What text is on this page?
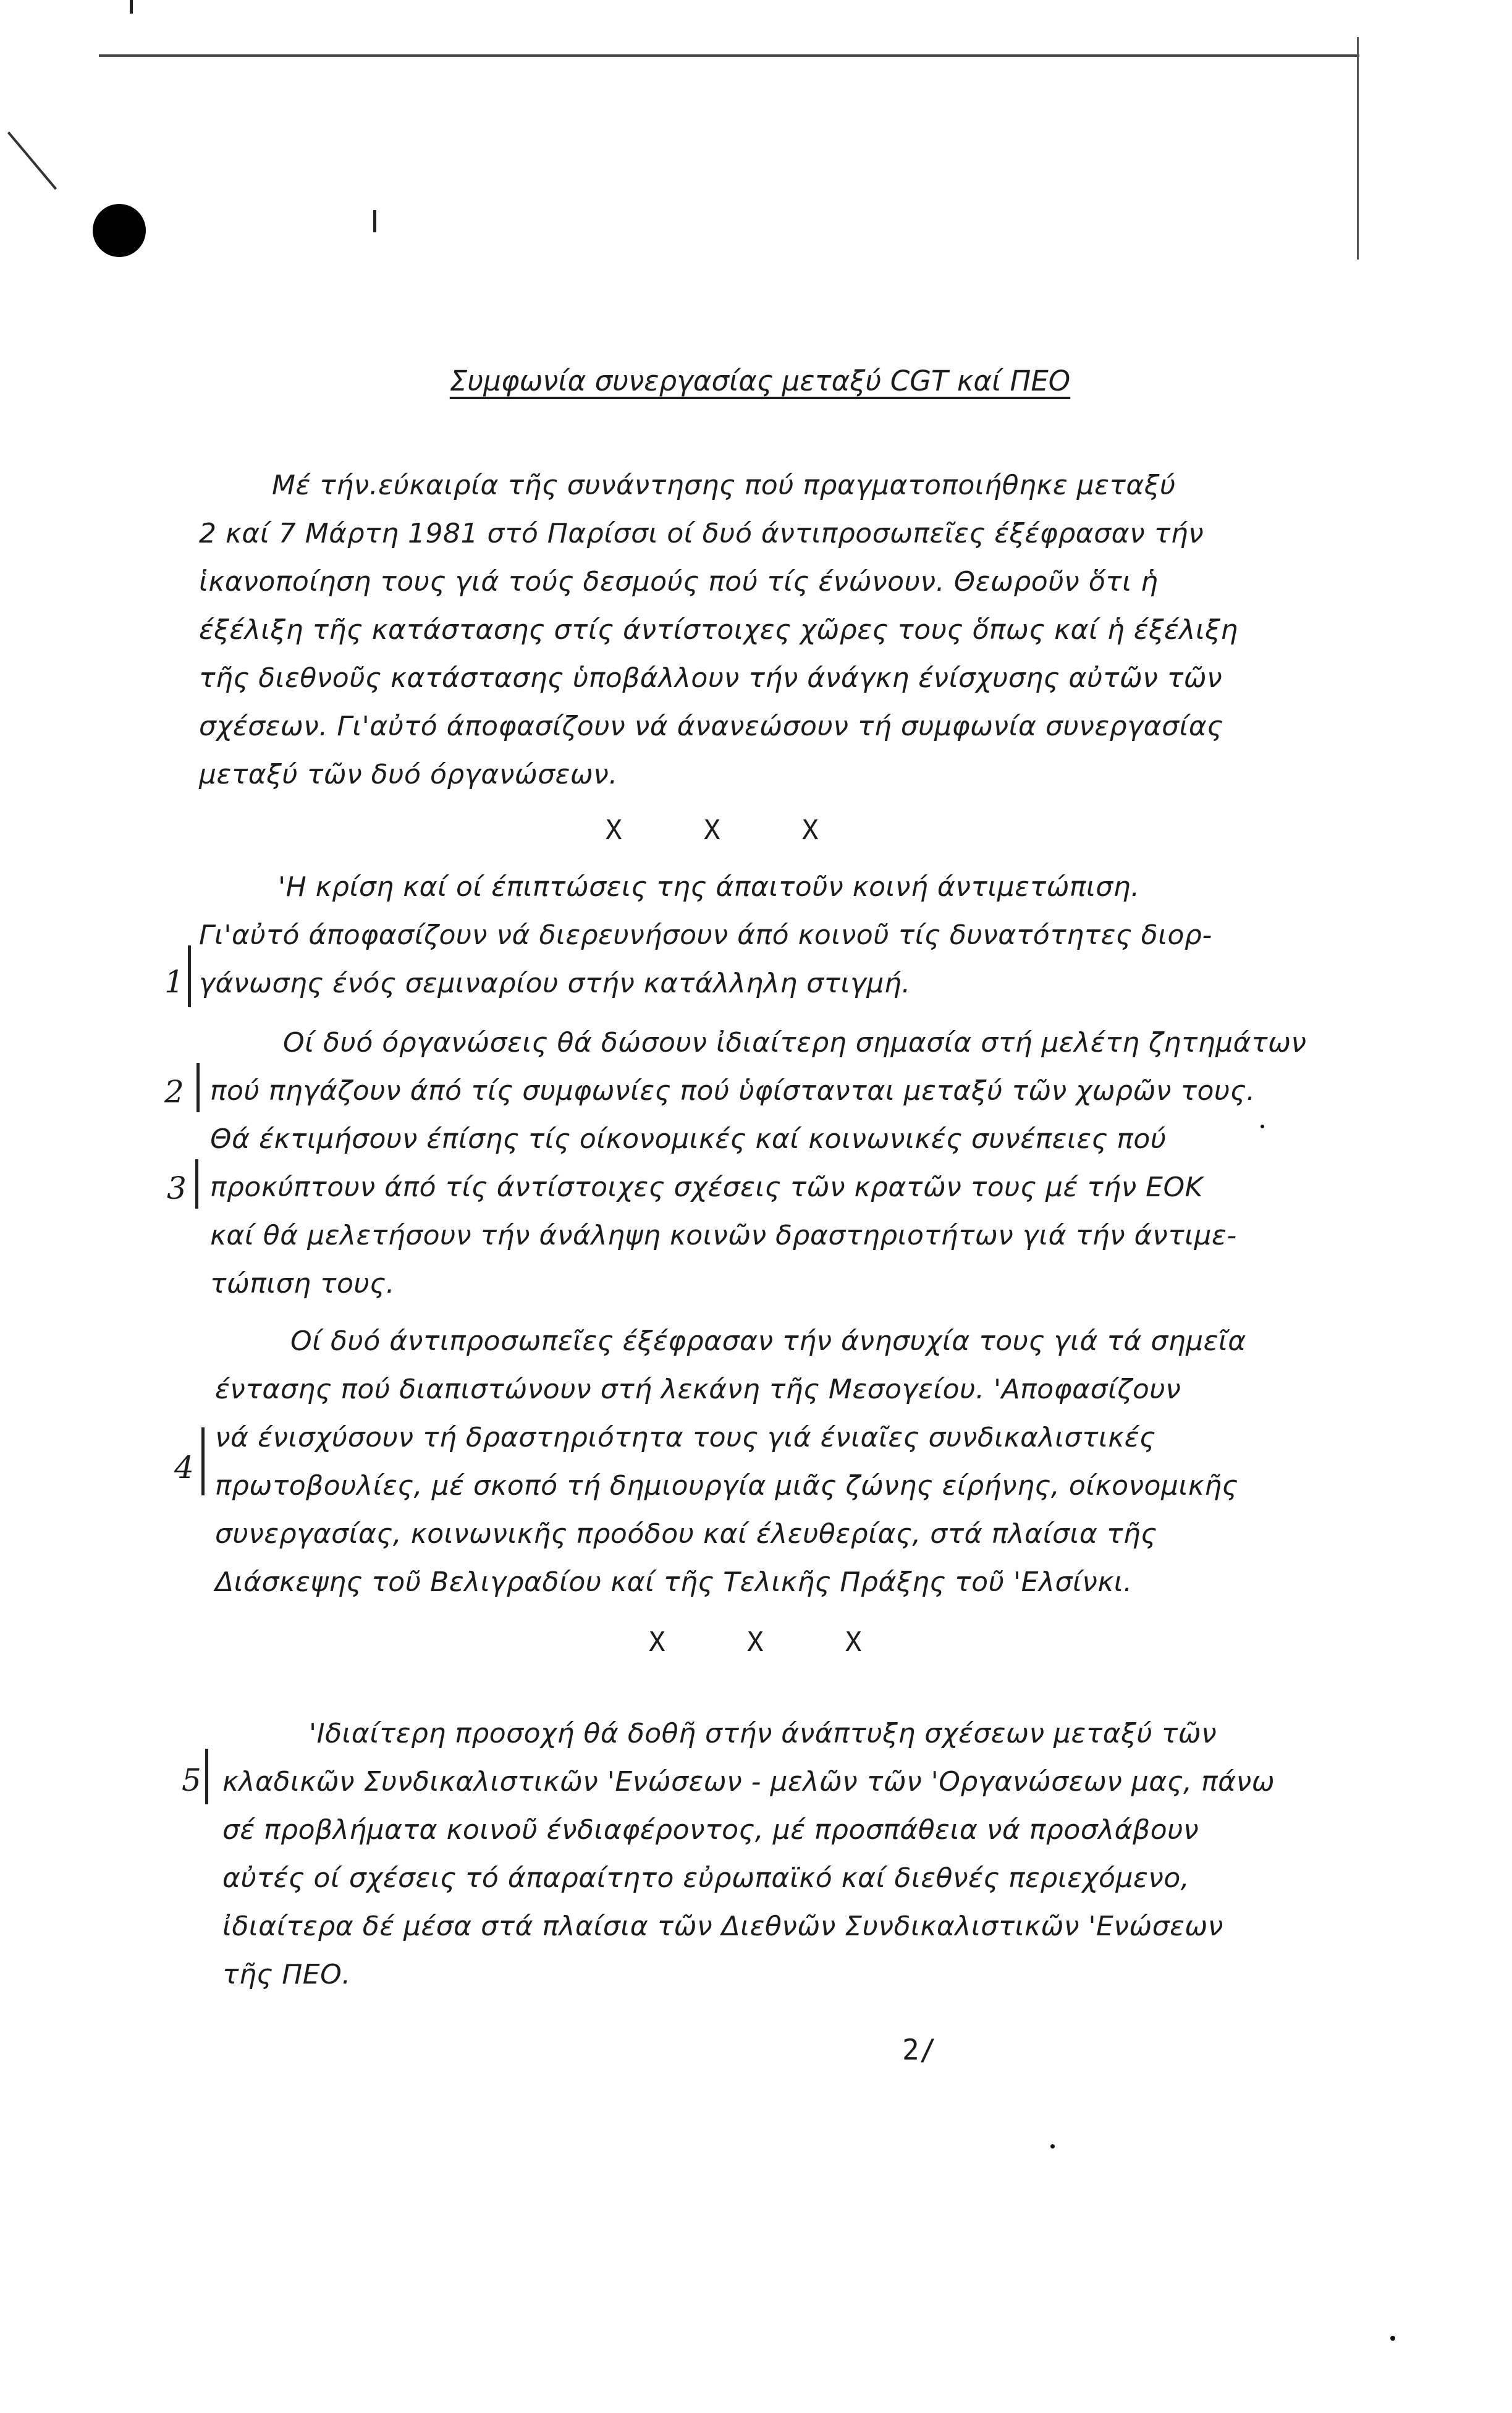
Συμφωνία συνεργασίας μεταξύ CGT καί ΠΕΟ
Μέ τήν.εύκαιρία τῆς συνάντησης πού πραγματοποιήθηκε μεταξύ
2 καί 7 Μάρτη 1981 στό Παρίσσι οί δυό άντιπροσωπεῖες έξέφρασαν τήν
ἱκανοποίηση τους γιά τούς δεσμούς πού τίς ένώνουν. Θεωροῦν ὅτι ἡ
έξέλιξη τῆς κατάστασης στίς άντίστοιχες χῶρες τους ὅπως καί ἡ έξέλιξη
τῆς διεθνοῦς κατάστασης ὑποβάλλουν τήν άνάγκη ένίσχυσης αὐτῶν τῶν
σχέσεων. Γι'αὐτό άποφασίζουν νά άνανεώσουν τή συμφωνία συνεργασίας
μεταξύ τῶν δυό όργανώσεων.
X     X     X
'Η κρίση καί οί έπιπτώσεις της άπαιτοῦν κοινή άντιμετώπιση.
Γι'αὐτό άποφασίζουν νά διερευνήσουν άπό κοινοῦ τίς δυνατότητες διορ-
γάνωσης ένός σεμιναρίου στήν κατάλληλη στιγμή.
1
Οί δυό όργανώσεις θά δώσουν ἰδιαίτερη σημασία στή μελέτη ζητημάτων
πού πηγάζουν άπό τίς συμφωνίες πού ὑφίστανται μεταξύ τῶν χωρῶν τους.
Θά έκτιμήσουν έπίσης τίς οίκονομικές καί κοινωνικές συνέπειες πού
προκύπτουν άπό τίς άντίστοιχες σχέσεις τῶν κρατῶν τους μέ τήν ΕΟΚ
καί θά μελετήσουν τήν άνάληψη κοινῶν δραστηριοτήτων γιά τήν άντιμε-
τώπιση τους.
2
3
Οί δυό άντιπροσωπεῖες έξέφρασαν τήν άνησυχία τους γιά τά σημεῖα
έντασης πού διαπιστώνουν στή λεκάνη τῆς Μεσογείου. 'Αποφασίζουν
νά ένισχύσουν τή δραστηριότητα τους γιά ένιαῖες συνδικαλιστικές
πρωτοβουλίες, μέ σκοπό τή δημιουργία μιᾶς ζώνης είρήνης, οίκονομικῆς
συνεργασίας, κοινωνικῆς προόδου καί έλευθερίας, στά πλαίσια τῆς
Διάσκεψης τοῦ Βελιγραδίου καί τῆς Τελικῆς Πράξης τοῦ 'Ελσίνκι.
4
X     X     X
'Ιδιαίτερη προσοχή θά δοθῆ στήν άνάπτυξη σχέσεων μεταξύ τῶν
κλαδικῶν Συνδικαλιστικῶν 'Ενώσεων - μελῶν τῶν 'Οργανώσεων μας, πάνω
σέ προβλήματα κοινοῦ ένδιαφέροντος, μέ προσπάθεια νά προσλάβουν
αὐτές οί σχέσεις τό άπαραίτητο εὐρωπαϊκό καί διεθνές περιεχόμενο,
ἰδιαίτερα δέ μέσα στά πλαίσια τῶν Διεθνῶν Συνδικαλιστικῶν 'Ενώσεων
τῆς ΠΕΟ.
5
2/
